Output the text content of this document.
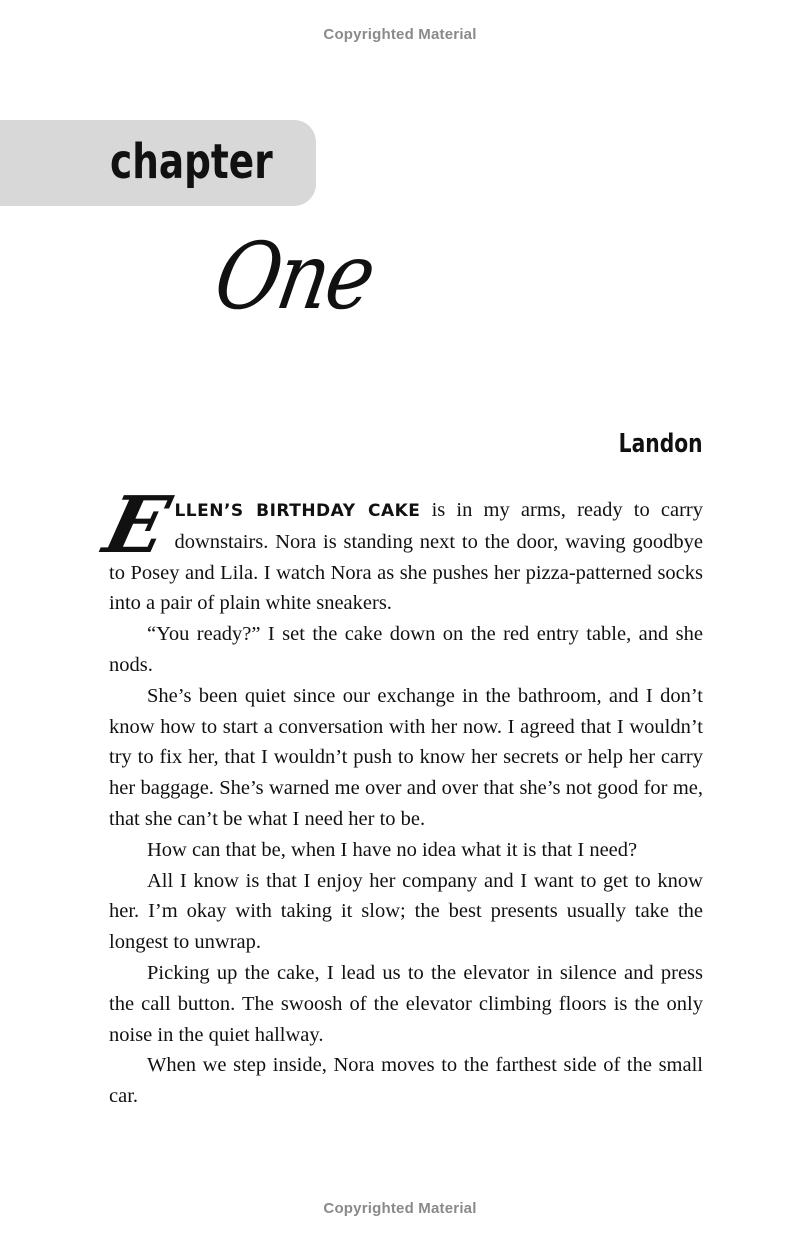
Copyrighted Material
chapter
One
Landon

E
LLEN’S BIRTHDAY CAKE is in my arms, ready to carry downstairs. Nora is standing next to the door, waving goodbye to Posey and Lila. I watch Nora as she pushes her pizza-patterned socks into a pair of plain white sneakers.

“You ready?” I set the cake down on the red entry table, and she nods.

She’s been quiet since our exchange in the bathroom, and I don’t know how to start a conversation with her now. I agreed that I wouldn’t try to fix her, that I wouldn’t push to know her secrets or help her carry her baggage. She’s warned me over and over that she’s not good for me, that she can’t be what I need her to be.

How can that be, when I have no idea what it is that I need?

All I know is that I enjoy her company and I want to get to know her. I’m okay with taking it slow; the best presents usually take the longest to unwrap.

Picking up the cake, I lead us to the elevator in silence and press the call button. The swoosh of the elevator climbing floors is the only noise in the quiet hallway.

When we step inside, Nora moves to the farthest side of the small car.

Copyrighted Material
